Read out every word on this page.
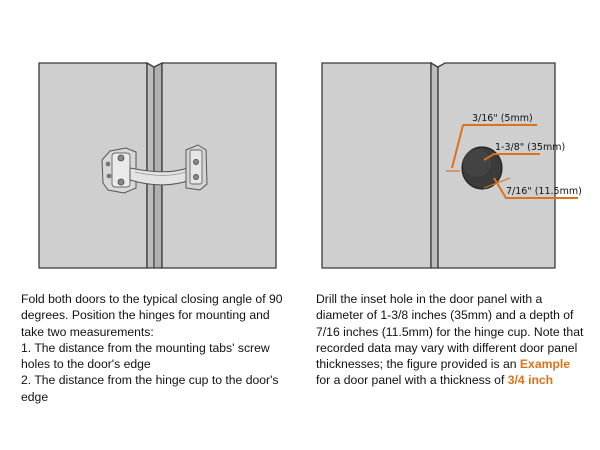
3/16" (5mm)
1-3/8" (35mm)
7/16" (11.5mm)
Fold both doors to the typical closing angle of 90 degrees. Position the hinges for mounting and take two measurements:
1. The distance from the mounting tabs' screw holes to the door's edge
2. The distance from the hinge cup to the door's edge
Drill the inset hole in the door panel with a diameter of 1-3/8 inches (35mm) and a depth of 7/16 inches (11.5mm) for the hinge cup. Note that recorded data may vary with different door panel thicknesses; the figure provided is an Example for a door panel with a thickness of 3/4 inch
